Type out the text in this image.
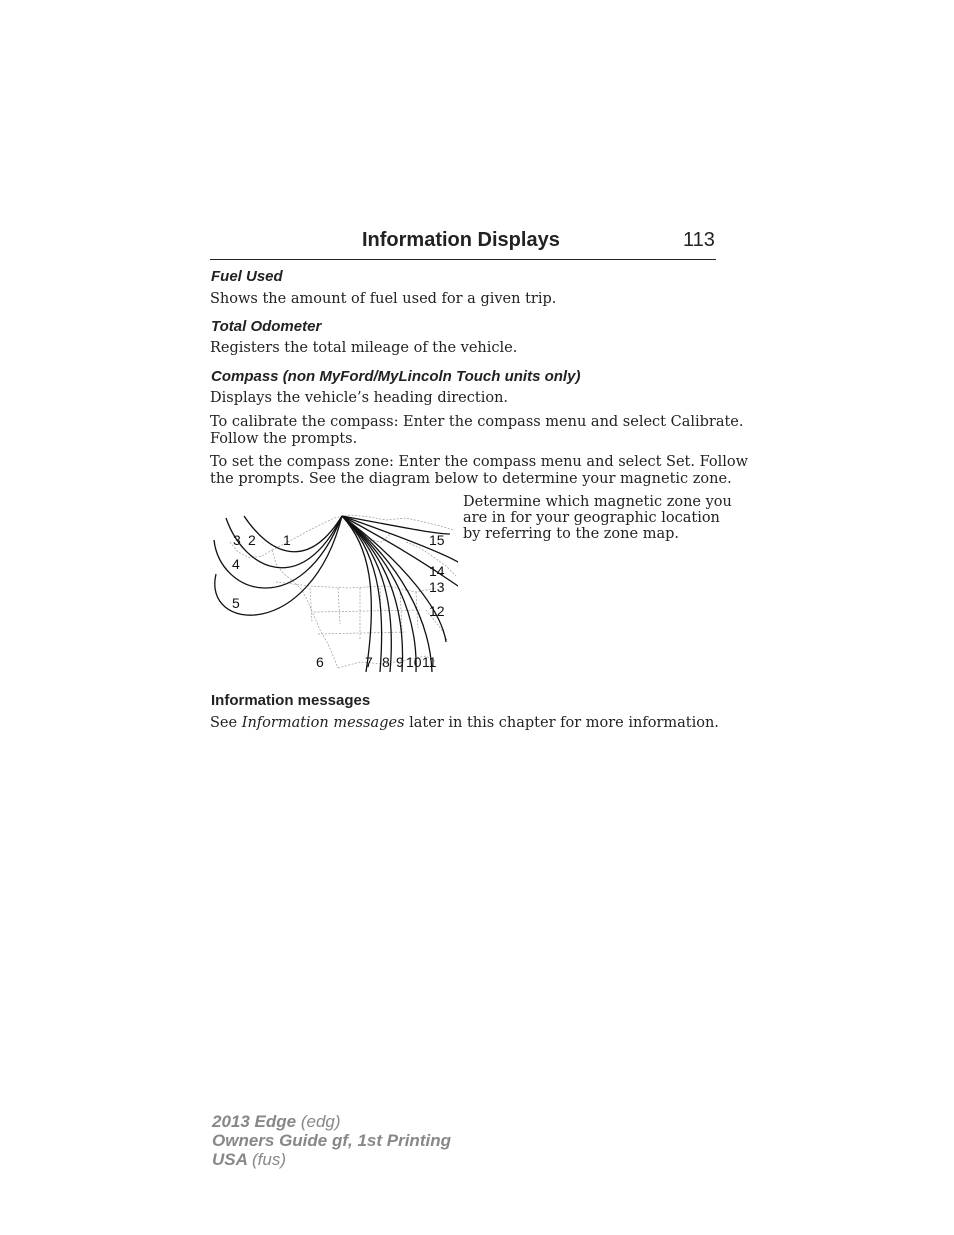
Information Displays	113
Fuel Used
Shows the amount of fuel used for a given trip.
Total Odometer
Registers the total mileage of the vehicle.
Compass (non MyFord/MyLincoln Touch units only)
Displays the vehicle’s heading direction.
To calibrate the compass: Enter the compass menu and select Calibrate.
Follow the prompts.
To set the compass zone: Enter the compass menu and select Set. Follow
the prompts. See the diagram below to determine your magnetic zone.
Determine which magnetic zone you
are in for your geographic location
by referring to the zone map.
3 2 1
4
5
6	7 8 9 10 11
12
13
14
15
Information messages
See Information messages later in this chapter for more information.
2013 Edge (edg)
Owners Guide gf, 1st Printing
USA (fus)
